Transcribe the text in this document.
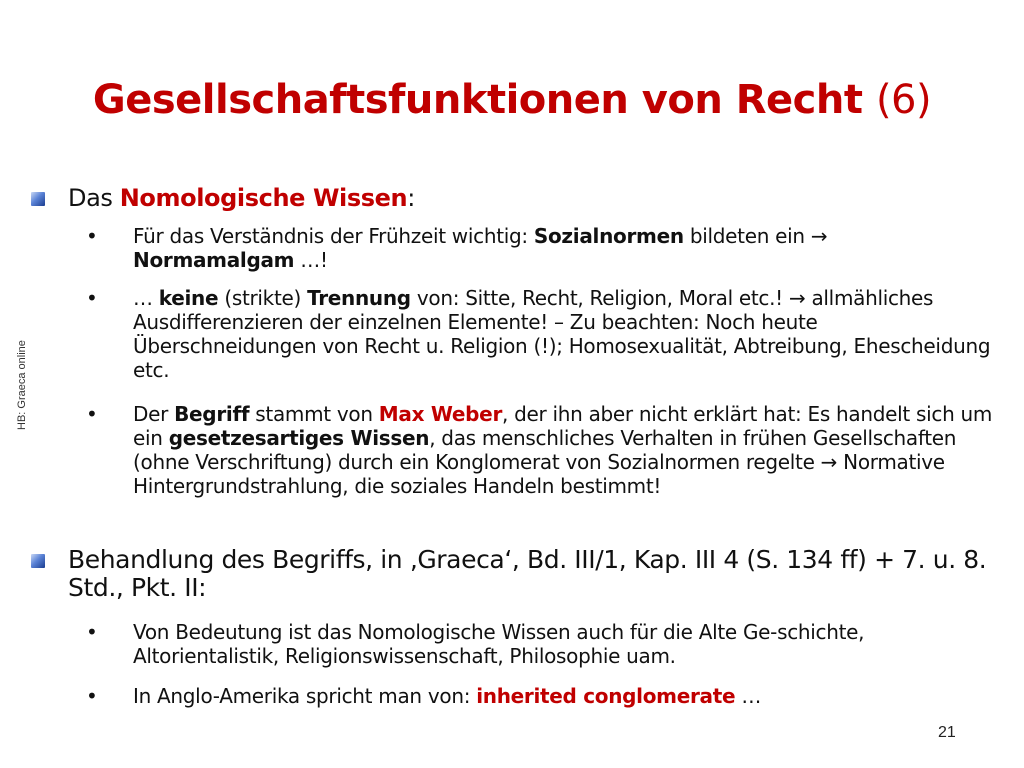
Gesellschaftsfunktionen von Recht (6)
HB: Graeca online
Das Nomologische Wissen:
• Für das Verständnis der Frühzeit wichtig: Sozialnormen bildeten ein → Normamalgam …!
• … keine (strikte) Trennung von: Sitte, Recht, Religion, Moral etc.! → allmähliches Ausdifferenzieren der einzelnen Elemente! – Zu beachten: Noch heute Überschneidungen von Recht u. Religion (!); Homosexualität, Abtreibung, Ehescheidung etc.
• Der Begriff stammt von Max Weber, der ihn aber nicht erklärt hat: Es handelt sich um ein gesetzesartiges Wissen, das menschliches Verhalten in frühen Gesellschaften (ohne Verschriftung) durch ein Konglomerat von Sozialnormen regelte → Normative Hintergrundstrahlung, die soziales Handeln bestimmt!
Behandlung des Begriffs, in ‚Graeca‘, Bd. III/1, Kap. III 4 (S. 134 ff) + 7. u. 8. Std., Pkt. II:
• Von Bedeutung ist das Nomologische Wissen auch für die Alte Ge-schichte, Altorientalistik, Religionswissenschaft, Philosophie uam.
• In Anglo-Amerika spricht man von: inherited conglomerate …
21
